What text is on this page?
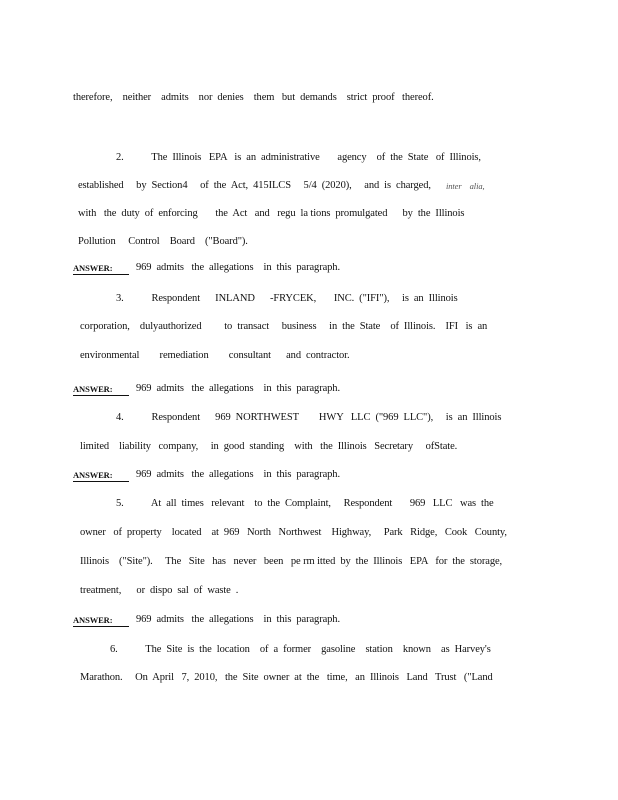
therefore,    neither    admits    nor  denies    them   but  demands    strict  proof   thereof.
2.           The  Illinois   EPA   is  an  administrative       agency    of  the  State   of  Illinois,
established     by  Section4     of  the  Act,  415ILCS     5/4  (2020),     and  is  charged, inter    alia,
with   the  duty  of  enforcing       the  Act   and   regu  la tions  promulgated      by  the  Illinois
Pollution     Control    Board    ("Board").
ANSWER: 969  admits   the  allegations    in  this  paragraph.
3.           Respondent      INLAND      -FRYCEK,       INC.  ("IFI"),     is  an  Illinois
corporation,    dulyauthorized         to  transact     business     in  the  State    of  Illinois.    IFI   is  an
environmental        remediation        consultant      and  contractor.
ANSWER: 969  admits   the  allegations    in  this  paragraph.
4.           Respondent      969  NORTHWEST        HWY   LLC  ("969  LLC"),     is  an  Illinois
limited    liability   company,     in  good  standing    with   the  Illinois   Secretary     ofState.
ANSWER: 969  admits   the  allegations    in  this  paragraph.
5.           At  all  times   relevant    to  the  Complaint,     Respondent       969   LLC   was  the
owner   of  property    located    at  969   North   Northwest    Highway,     Park   Ridge,   Cook   County,
Illinois    ("Site").     The   Site   has   never   been   pe rm itted  by  the  Illinois   EPA   for  the  storage,
treatment,      or  dispo  sal  of  waste  .
ANSWER: 969  admits   the  allegations    in  this  paragraph.
6.           The  Site  is  the  location    of  a  former    gasoline    station    known    as  Harvey's
Marathon.     On  April   7,  2010,   the  Site  owner  at  the   time,   an  Illinois   Land   Trust   ("Land
